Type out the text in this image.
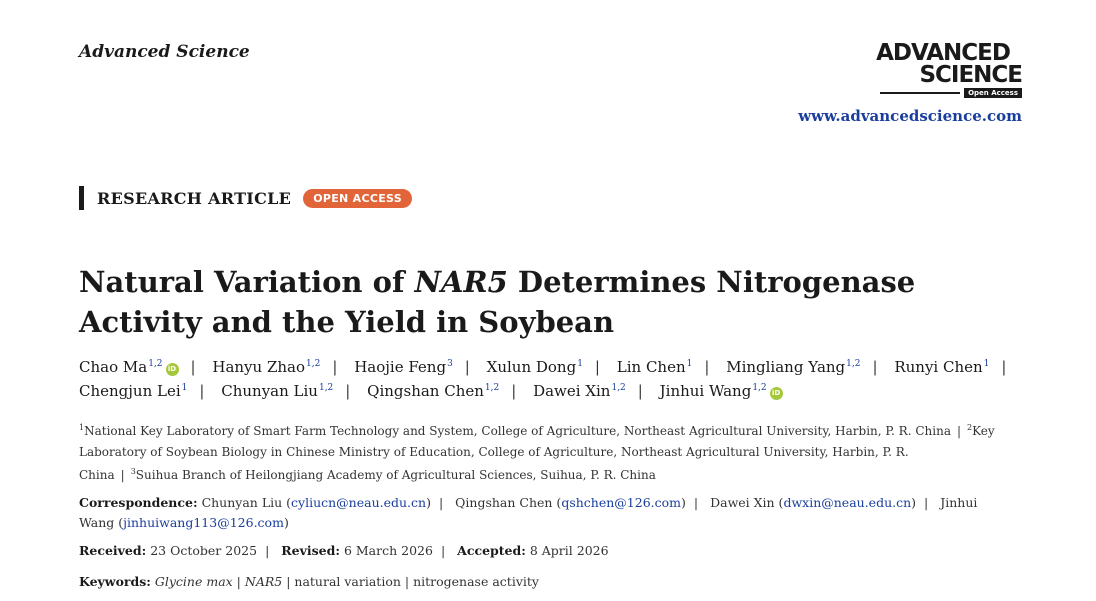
Advanced Science	ADVANCED
SCIENCE
Open Access
www.advancedscience.com
RESEARCH ARTICLE	OPEN ACCESS
Natural Variation of NAR5 Determines Nitrogenase Activity and the Yield in Soybean
Chao Ma$^{1,2}$ iD | Hanyu Zhao$^{1,2}$ | Haojie Feng$^3$ | Xulun Dong$^1$ | Lin Chen$^1$ | Mingliang Yang$^{1,2}$ | Runyi Chen$^1$ |
Chengjun Lei$^1$ | Chunyan Liu$^{1,2}$ | Qingshan Chen$^{1,2}$ | Dawei Xin$^{1,2}$ | Jinhui Wang$^{1,2}$ iD
$^1$National Key Laboratory of Smart Farm Technology and System, College of Agriculture, Northeast Agricultural University, Harbin, P. R. China | $^2$Key Laboratory of Soybean Biology in Chinese Ministry of Education, College of Agriculture, Northeast Agricultural University, Harbin, P. R. China | $^3$Suihua Branch of Heilongjiang Academy of Agricultural Sciences, Suihua, P. R. China
Correspondence: Chunyan Liu (cyliucn@neau.edu.cn) | Qingshan Chen (qshchen@126.com) | Dawei Xin (dwxin@neau.edu.cn) | Jinhui Wang (jinhuiwang113@126.com)
Received: 23 October 2025 | Revised: 6 March 2026 | Accepted: 8 April 2026
Keywords: Glycine max | NAR5 | natural variation | nitrogenase activity
